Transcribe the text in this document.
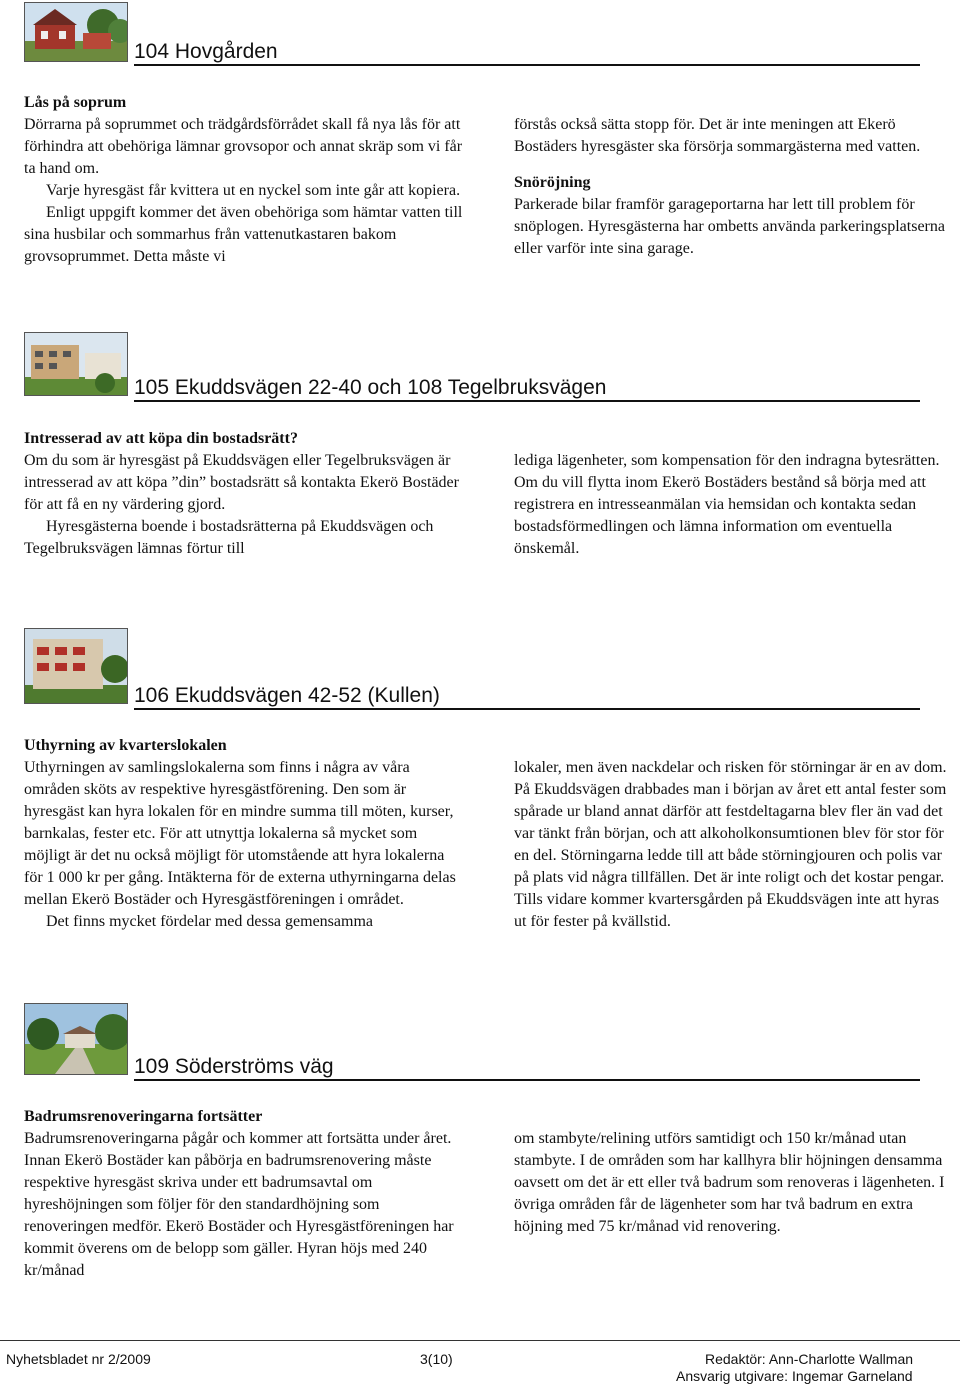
104 Hovgården

Lås på soprum

Dörrarna på soprummet och trädgårdsförrådet skall få nya lås för att förhindra att obehöriga lämnar grovsopor och annat skräp som vi får ta hand om.

Varje hyresgäst får kvittera ut en nyckel som inte går att kopiera.

Enligt uppgift kommer det även obehöriga som hämtar vatten till sina husbilar och sommarhus från vattenutkastaren bakom grovsoprummet. Detta måste vi

förstås också sätta stopp för. Det är inte meningen att Ekerö Bostäders hyresgäster ska försörja sommargästerna med vatten.

Snöröjning

Parkerade bilar framför garageportarna har lett till problem för snöplogen. Hyresgästerna har ombetts använda parkeringsplatserna eller varför inte sina garage.

105 Ekuddsvägen 22-40 och 108 Tegelbruksvägen

Intresserad av att köpa din bostadsrätt?

Om du som är hyresgäst på Ekuddsvägen eller Tegelbruksvägen är intresserad av att köpa ”din” bostadsrätt så kontakta Ekerö Bostäder för att få en ny värdering gjord.

Hyresgästerna boende i bostadsrätterna på Ekuddsvägen och Tegelbruksvägen lämnas förtur till

lediga lägenheter, som kompensation för den indragna bytesrätten. Om du vill flytta inom Ekerö Bostäders bestånd så börja med att registrera en intresseanmälan via hemsidan och kontakta sedan bostadsförmedlingen och lämna information om eventuella önskemål.

106 Ekuddsvägen 42-52 (Kullen)

Uthyrning av kvarterslokalen

Uthyrningen av samlingslokalerna som finns i några av våra områden sköts av respektive hyresgästförening. Den som är hyresgäst kan hyra lokalen för en mindre summa till möten, kurser, barnkalas, fester etc. För att utnyttja lokalerna så mycket som möjligt är det nu också möjligt för utomstående att hyra lokalerna för 1 000 kr per gång. Intäkterna för de externa uthyrningarna delas mellan Ekerö Bostäder och Hyresgästföreningen i området.

Det finns mycket fördelar med dessa gemensamma

lokaler, men även nackdelar och risken för störningar är en av dom. På Ekuddsvägen drabbades man i början av året ett antal fester som spårade ur bland annat därför att festdeltagarna blev fler än vad det var tänkt från början, och att alkoholkonsumtionen blev för stor för en del. Störningarna ledde till att både störningjouren och polis var på plats vid några tillfällen. Det är inte roligt och det kostar pengar. Tills vidare kommer kvartersgården på Ekuddsvägen inte att hyras ut för fester på kvällstid.

109 Söderströms väg

Badrumsrenoveringarna fortsätter

Badrumsrenoveringarna pågår och kommer att fortsätta under året. Innan Ekerö Bostäder kan påbörja en badrumsrenovering måste respektive hyresgäst skriva under ett badrumsavtal om hyreshöjningen som följer för den standardhöjning som renoveringen medför. Ekerö Bostäder och Hyresgästföreningen har kommit överens om de belopp som gäller. Hyran höjs med 240 kr/månad

om stambyte/relining utförs samtidigt och 150 kr/månad utan stambyte. I de områden som har kallhyra blir höjningen densamma oavsett om det är ett eller två badrum som renoveras i lägenheten. I övriga områden får de lägenheter som har två badrum en extra höjning med 75 kr/månad vid renovering.

Nyhetsbladet nr 2/2009	3(10)	Redaktör: Ann-Charlotte Wallman
Ansvarig utgivare: Ingemar Garneland
